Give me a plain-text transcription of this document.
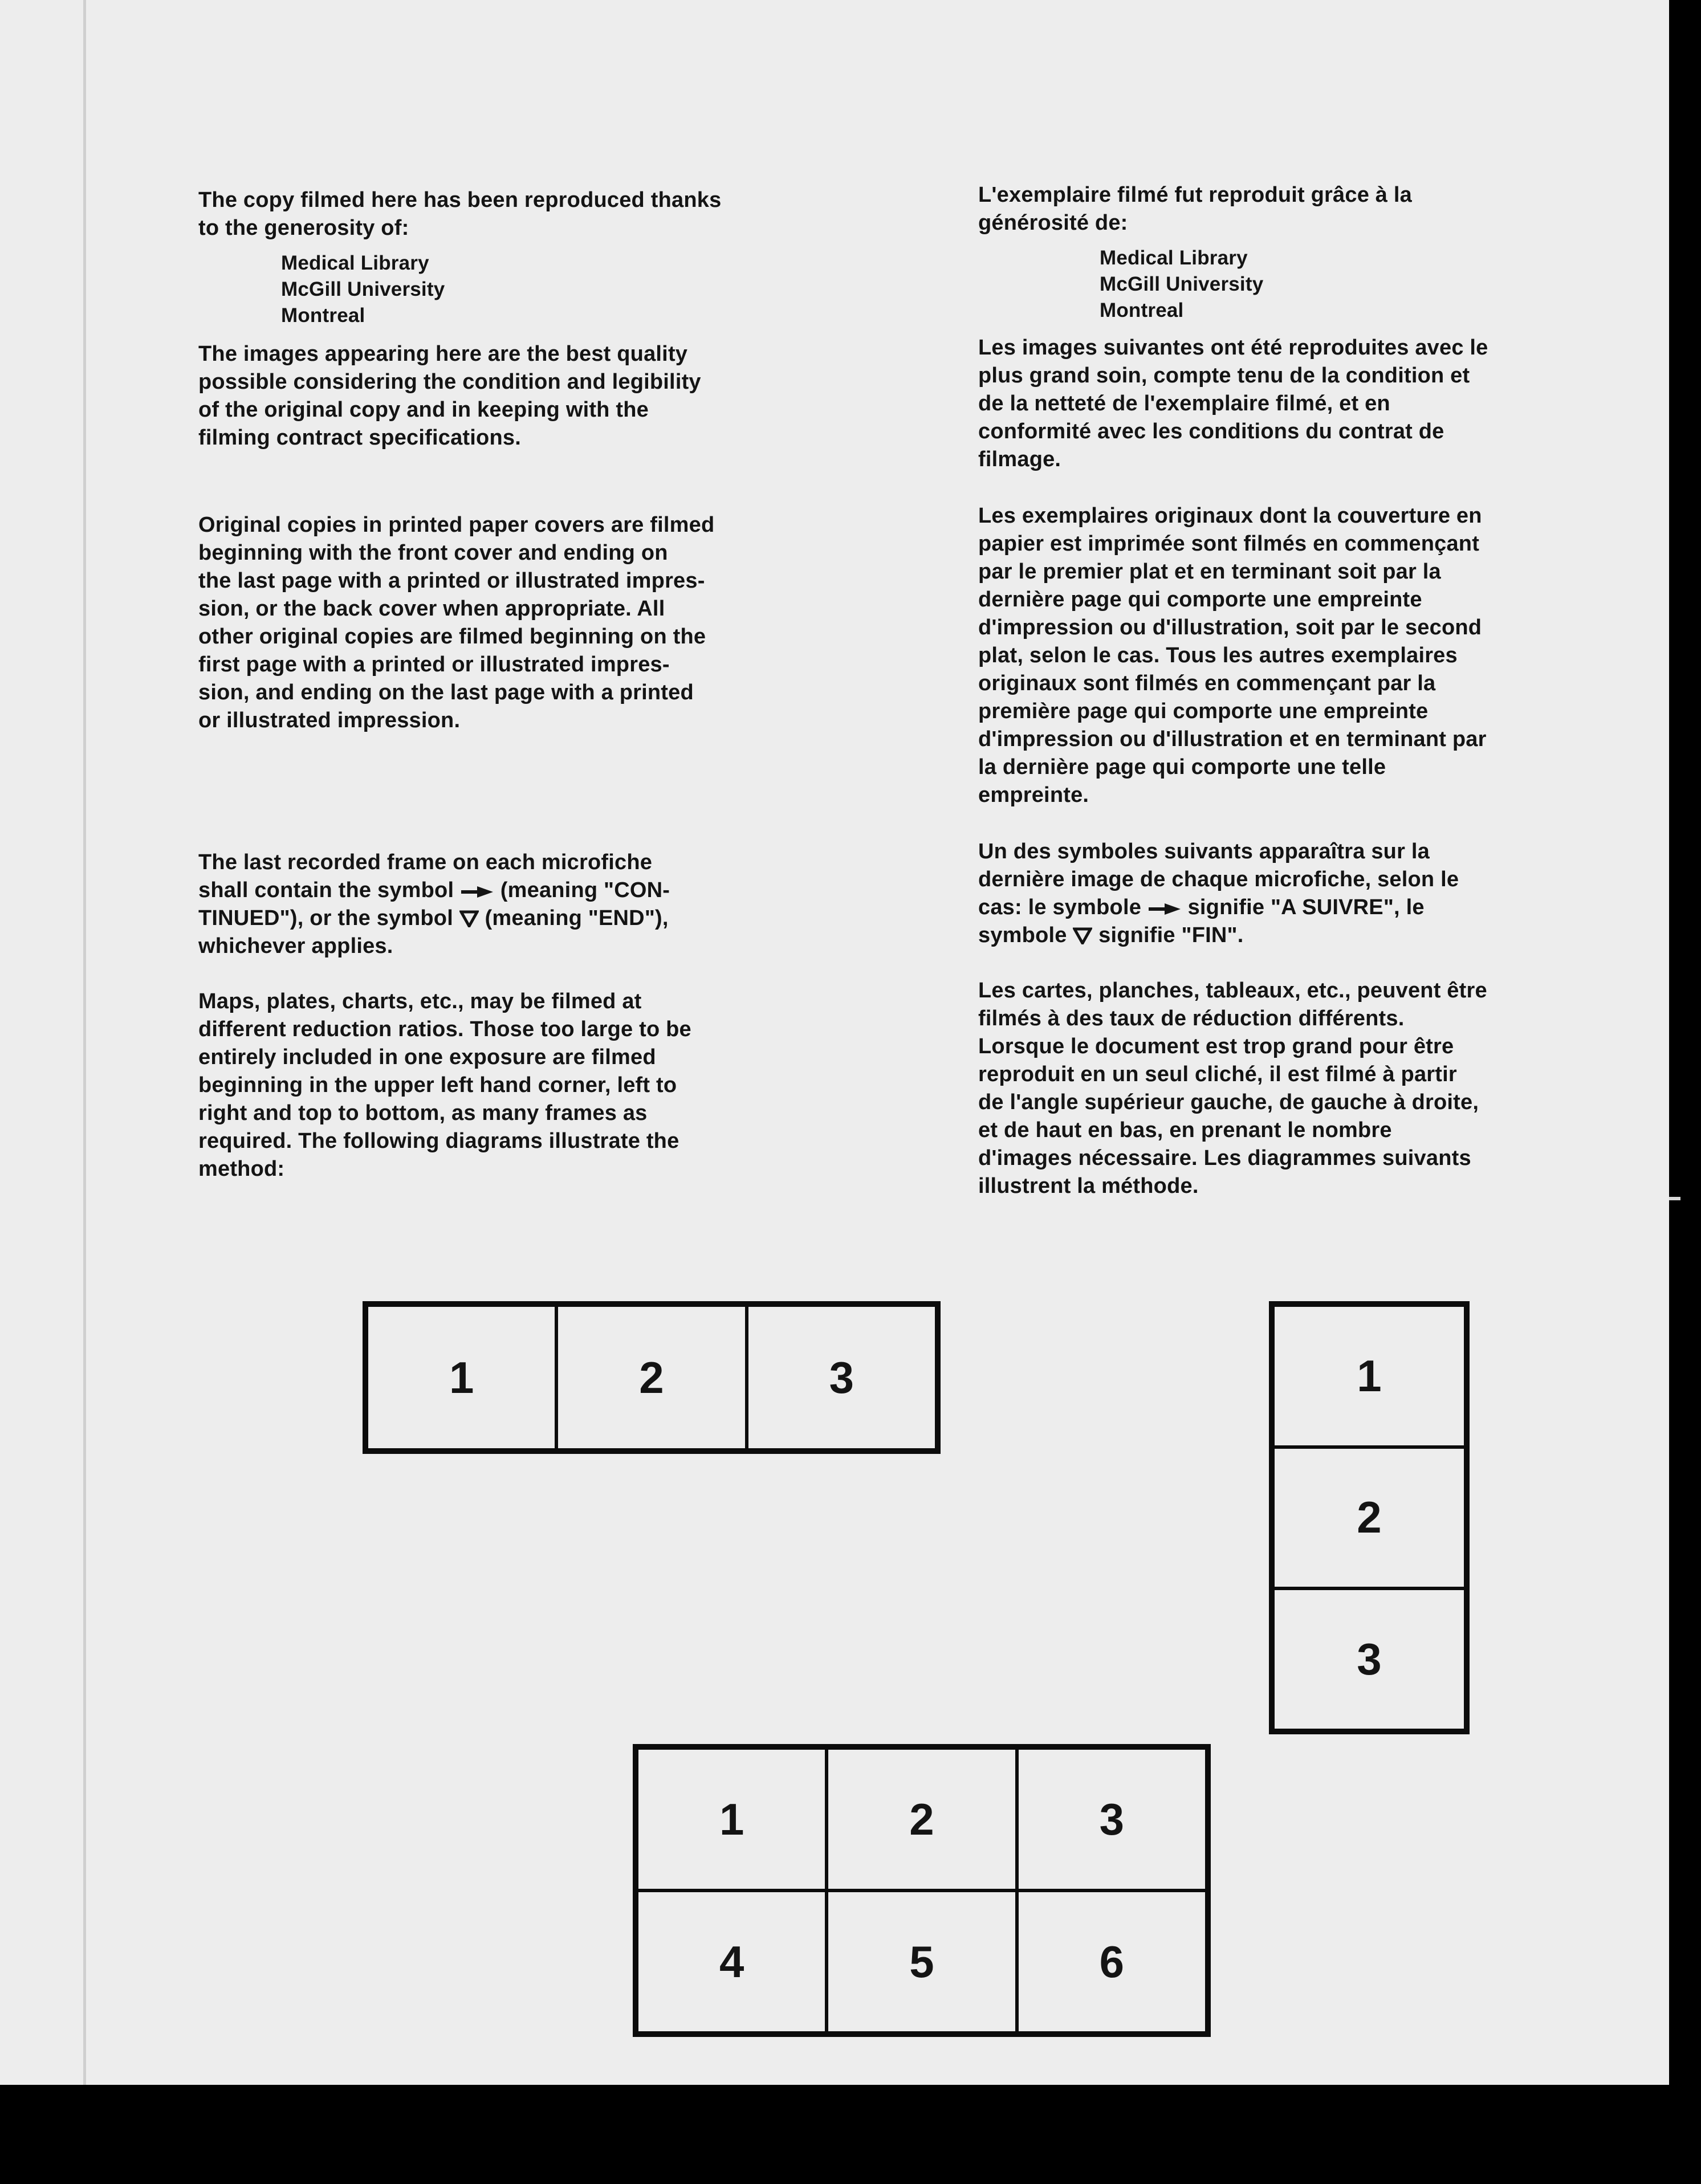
The copy filmed here has been reproduced thanks
to the generosity of:

Medical Library
McGill University
Montreal

The images appearing here are the best quality
possible considering the condition and legibility
of the original copy and in keeping with the
filming contract specifications.

Original copies in printed paper covers are filmed
beginning with the front cover and ending on
the last page with a printed or illustrated impres-
sion, or the back cover when appropriate. All
other original copies are filmed beginning on the
first page with a printed or illustrated impres-
sion, and ending on the last page with a printed
or illustrated impression.

The last recorded frame on each microfiche
shall contain the symbol (meaning "CON-
TINUED"), or the symbol (meaning "END"),
whichever applies.

Maps, plates, charts, etc., may be filmed at
different reduction ratios. Those too large to be
entirely included in one exposure are filmed
beginning in the upper left hand corner, left to
right and top to bottom, as many frames as
required. The following diagrams illustrate the
method:

L'exemplaire filmé fut reproduit grâce à la
générosité de:

Medical Library
McGill University
Montreal

Les images suivantes ont été reproduites avec le
plus grand soin, compte tenu de la condition et
de la netteté de l'exemplaire filmé, et en
conformité avec les conditions du contrat de
filmage.

Les exemplaires originaux dont la couverture en
papier est imprimée sont filmés en commençant
par le premier plat et en terminant soit par la
dernière page qui comporte une empreinte
d'impression ou d'illustration, soit par le second
plat, selon le cas. Tous les autres exemplaires
originaux sont filmés en commençant par la
première page qui comporte une empreinte
d'impression ou d'illustration et en terminant par
la dernière page qui comporte une telle
empreinte.

Un des symboles suivants apparaîtra sur la
dernière image de chaque microfiche, selon le
cas: le symbole signifie "A SUIVRE", le
symbole signifie "FIN".

Les cartes, planches, tableaux, etc., peuvent être
filmés à des taux de réduction différents.
Lorsque le document est trop grand pour être
reproduit en un seul cliché, il est filmé à partir
de l'angle supérieur gauche, de gauche à droite,
et de haut en bas, en prenant le nombre
d'images nécessaire. Les diagrammes suivants
illustrent la méthode.

1	2	3	1
2
3
1	2	3
4	5	6
